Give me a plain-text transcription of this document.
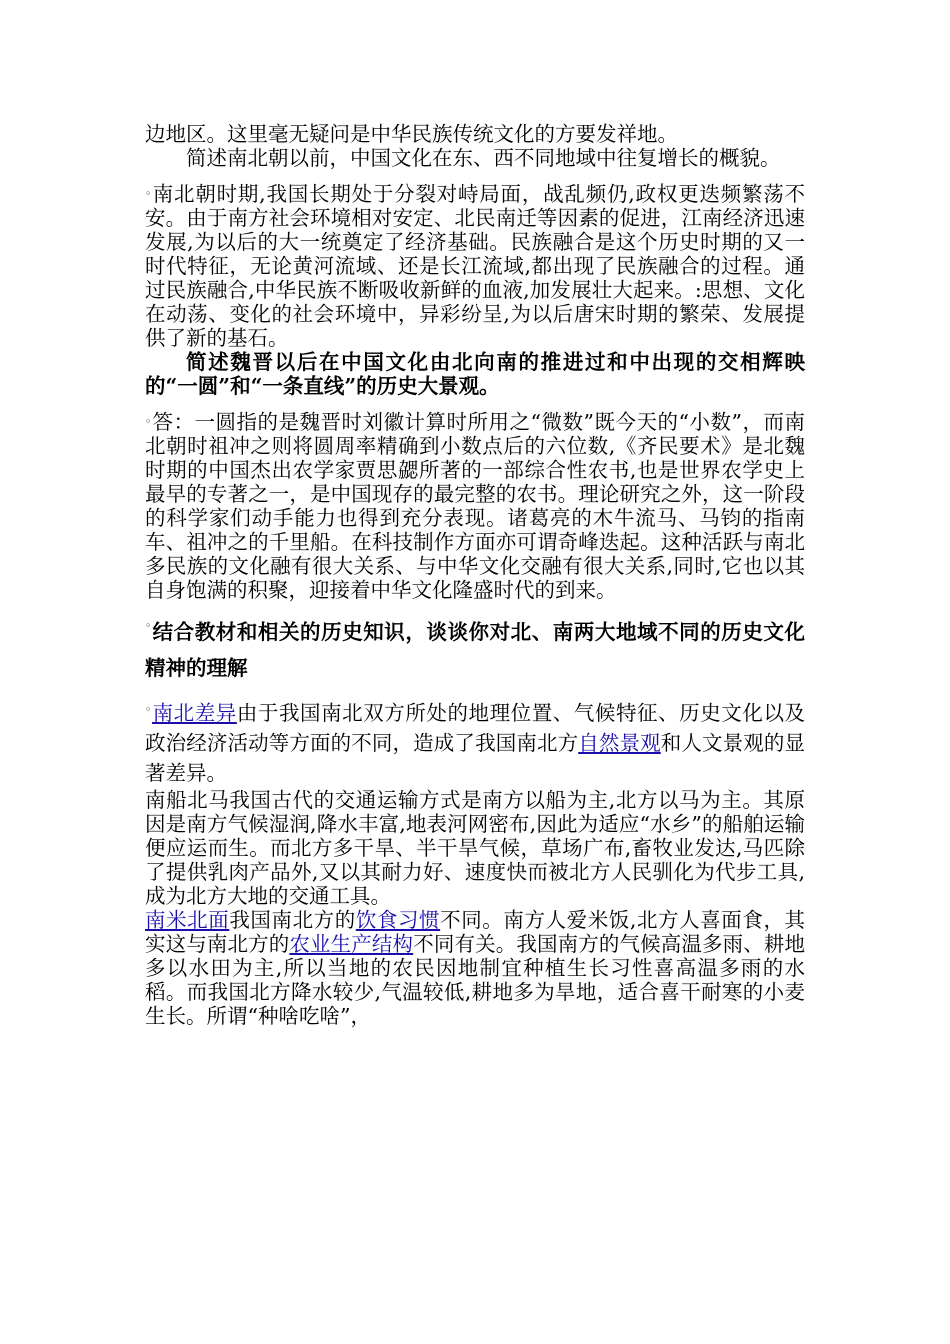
边地区。这里毫无疑问是中华民族传统文化的方要发祥地。

简述南北朝以前，中国文化在东、西不同地域中往复增长的概貌。

◦南北朝时期,我国长期处于分裂对峙局面，战乱频仍,政权更迭频繁荡不安。由于南方社会环境相对安定、北民南迁等因素的促进，江南经济迅速发展,为以后的大一统奠定了经济基础。民族融合是这个历史时期的又一时代特征，无论黄河流域、还是长江流域,都出现了民族融合的过程。通过民族融合,中华民族不断吸收新鲜的血液,加发展壮大起来。:思想、文化在动荡、变化的社会环境中，异彩纷呈,为以后唐宋时期的繁荣、发展提供了新的基石。

简述魏晋以后在中国文化由北向南的推进过和中出现的交相辉映的“一圆”和“一条直线”的历史大景观。

◦答：一圆指的是魏晋时刘徽计算时所用之“微数”既今天的“小数”，而南北朝时祖冲之则将圆周率精确到小数点后的六位数,《齐民要术》是北魏时期的中国杰出农学家贾思勰所著的一部综合性农书,也是世界农学史上最早的专著之一，是中国现存的最完整的农书。理论研究之外，这一阶段的科学家们动手能力也得到充分表现。诸葛亮的木牛流马、马钧的指南车、祖冲之的千里船。在科技制作方面亦可谓奇峰迭起。这种活跃与南北多民族的文化融有很大关系、与中华文化交融有很大关系,同时,它也以其自身饱满的积聚，迎接着中华文化隆盛时代的到来。

◦结合教材和相关的历史知识，谈谈你对北、南两大地域不同的历史文化精神的理解

◦南北差异由于我国南北双方所处的地理位置、气候特征、历史文化以及政治经济活动等方面的不同，造成了我国南北方自然景观和人文景观的显著差异。

南船北马我国古代的交通运输方式是南方以船为主,北方以马为主。其原因是南方气候湿润,降水丰富,地表河网密布,因此为适应“水乡”的船舶运输便应运而生。而北方多干旱、半干旱气候，草场广布,畜牧业发达,马匹除了提供乳肉产品外,又以其耐力好、速度快而被北方人民驯化为代步工具,成为北方大地的交通工具。

南米北面我国南北方的饮食习惯不同。南方人爱米饭,北方人喜面食，其实这与南北方的农业生产结构不同有关。我国南方的气候高温多雨、耕地多以水田为主,所以当地的农民因地制宜种植生长习性喜高温多雨的水稻。而我国北方降水较少,气温较低,耕地多为旱地，适合喜干耐寒的小麦生长。所谓“种啥吃啥”，
